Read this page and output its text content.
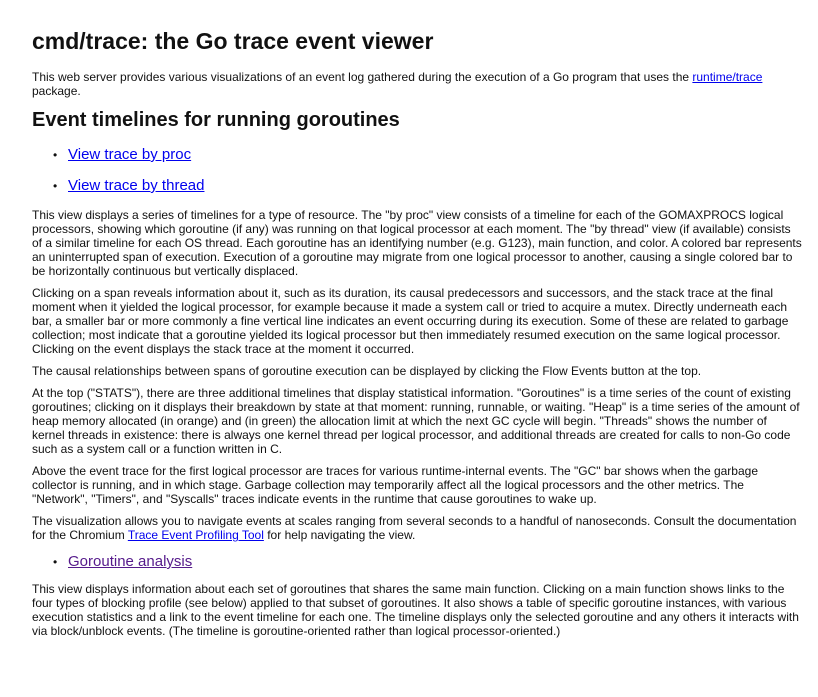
cmd/trace: the Go trace event viewer

This web server provides various visualizations of an event log gathered during the execution of a Go program that uses the runtime/trace package.

Event timelines for running goroutines
• View trace by proc
• View trace by thread

This view displays a series of timelines for a type of resource. The "by proc" view consists of a timeline for each of the GOMAXPROCS logical processors, showing which goroutine (if any) was running on that logical processor at each moment. The "by thread" view (if available) consists of a similar timeline for each OS thread. Each goroutine has an identifying number (e.g. G123), main function, and color. A colored bar represents an uninterrupted span of execution. Execution of a goroutine may migrate from one logical processor to another, causing a single colored bar to be horizontally continuous but vertically displaced.

Clicking on a span reveals information about it, such as its duration, its causal predecessors and successors, and the stack trace at the final moment when it yielded the logical processor, for example because it made a system call or tried to acquire a mutex. Directly underneath each bar, a smaller bar or more commonly a fine vertical line indicates an event occurring during its execution. Some of these are related to garbage collection; most indicate that a goroutine yielded its logical processor but then immediately resumed execution on the same logical processor. Clicking on the event displays the stack trace at the moment it occurred.

The causal relationships between spans of goroutine execution can be displayed by clicking the Flow Events button at the top.

At the top ("STATS"), there are three additional timelines that display statistical information. "Goroutines" is a time series of the count of existing goroutines; clicking on it displays their breakdown by state at that moment: running, runnable, or waiting. "Heap" is a time series of the amount of heap memory allocated (in orange) and (in green) the allocation limit at which the next GC cycle will begin. "Threads" shows the number of kernel threads in existence: there is always one kernel thread per logical processor, and additional threads are created for calls to non-Go code such as a system call or a function written in C.

Above the event trace for the first logical processor are traces for various runtime-internal events. The "GC" bar shows when the garbage collector is running, and in which stage. Garbage collection may temporarily affect all the logical processors and the other metrics. The "Network", "Timers", and "Syscalls" traces indicate events in the runtime that cause goroutines to wake up.

The visualization allows you to navigate events at scales ranging from several seconds to a handful of nanoseconds. Consult the documentation for the Chromium Trace Event Profiling Tool for help navigating the view.

• Goroutine analysis

This view displays information about each set of goroutines that shares the same main function. Clicking on a main function shows links to the four types of blocking profile (see below) applied to that subset of goroutines. It also shows a table of specific goroutine instances, with various execution statistics and a link to the event timeline for each one. The timeline displays only the selected goroutine and any others it interacts with via block/unblock events. (The timeline is goroutine-oriented rather than logical processor-oriented.)
